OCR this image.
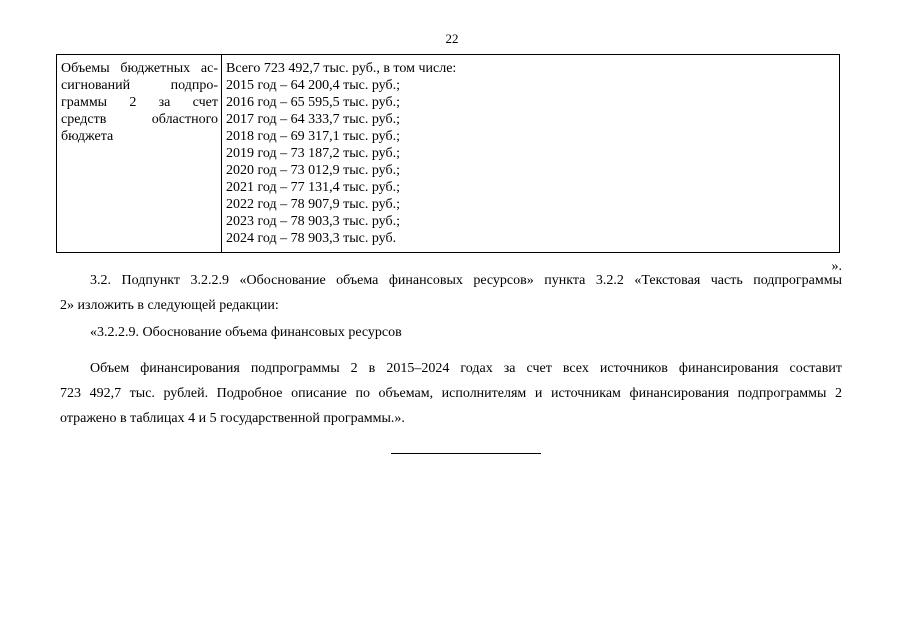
22
Объемы бюджетных ас-
сигнований подпро-
граммы 2 за счет
средств областного
бюджета

Всего 723 492,7 тыс. руб., в том числе:
2015 год – 64 200,4 тыс. руб.;
2016 год – 65 595,5 тыс. руб.;
2017 год – 64 333,7 тыс. руб.;
2018 год – 69 317,1 тыс. руб.;
2019 год – 73 187,2 тыс. руб.;
2020 год – 73 012,9 тыс. руб.;
2021 год – 77 131,4 тыс. руб.;
2022 год – 78 907,9 тыс. руб.;
2023 год – 78 903,3 тыс. руб.;
2024 год – 78 903,3 тыс. руб.
».
3.2. Подпункт 3.2.2.9 «Обоснование объема финансовых ресурсов» пункта 3.2.2 «Текстовая часть подпрограммы
2» изложить в следующей редакции:
«3.2.2.9. Обоснование объема финансовых ресурсов
Объем финансирования подпрограммы 2 в 2015–2024 годах за счет всех источников финансирования составит
723 492,7 тыс. рублей. Подробное описание по объемам, исполнителям и источникам финансирования подпрограммы 2
отражено в таблицах 4 и 5 государственной программы.».
